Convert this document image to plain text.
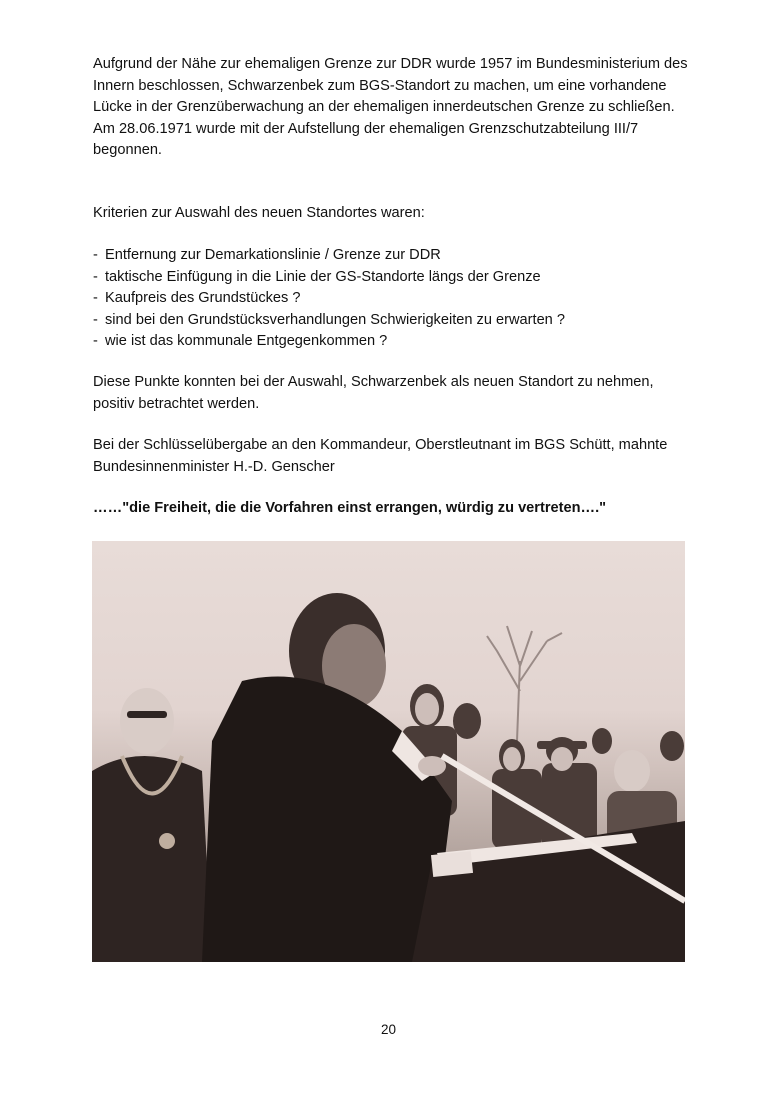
Aufgrund der Nähe zur ehemaligen Grenze zur DDR wurde 1957 im Bundesministerium des Innern beschlossen, Schwarzenbek zum BGS-Standort zu machen, um eine vorhandene Lücke in der Grenzüberwachung an der ehemaligen innerdeutschen Grenze zu schließen. Am 28.06.1971 wurde mit der Aufstellung der ehemaligen Grenzschutzabteilung III/7 begonnen.

Kriterien zur Auswahl des neuen Standortes waren:

- Entfernung zur Demarkationslinie / Grenze zur DDR
- taktische Einfügung in die Linie der GS-Standorte längs der Grenze
- Kaufpreis des Grundstückes ?
- sind bei den Grundstücksverhandlungen Schwierigkeiten zu erwarten ?
- wie ist das kommunale Entgegenkommen ?

Diese Punkte konnten bei der Auswahl, Schwarzenbek als neuen Standort zu nehmen, positiv betrachtet werden.

Bei der Schlüsselübergabe an den Kommandeur, Oberstleutnant im BGS Schütt, mahnte Bundesinnenminister H.-D. Genscher

……"die Freiheit, die die Vorfahren einst errangen, würdig zu vertreten…."

20
